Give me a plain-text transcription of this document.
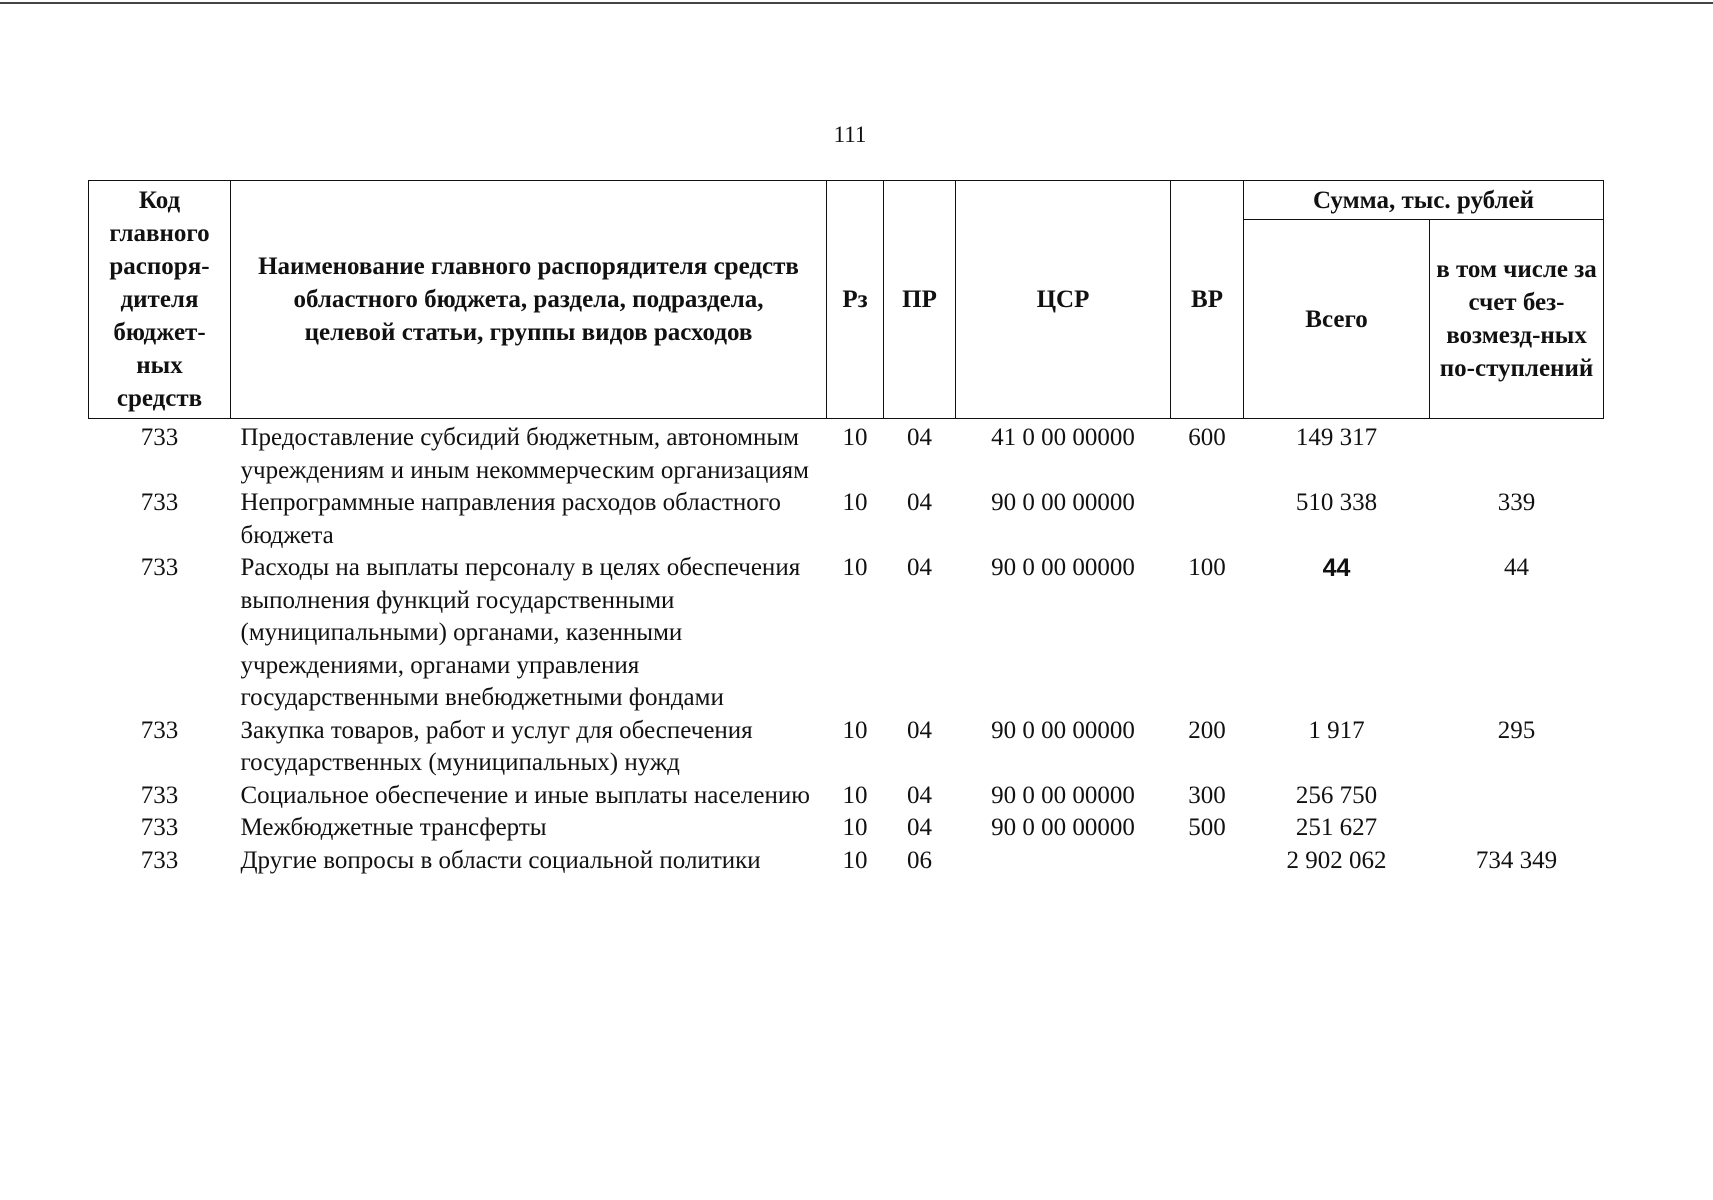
111
Код главного распоря-дителя бюджет-ных средств	Наименование главного распорядителя средств областного бюджета, раздела, подраздела, целевой статьи, группы видов расходов	Рз	ПР	ЦСР	ВР	Сумма, тыс. рублей	
						Всего	в том числе за счет без-возмезд-ных по-ступлений
733	Предоставление субсидий бюджетным, автономным учреждениям и иным некоммерческим организациям	10	04	41 0 00 00000	600	149 317	
733	Непрограммные направления расходов областного бюджета	10	04	90 0 00 00000		510 338	339
733	Расходы на выплаты персоналу в целях обеспечения выполнения функций государственными (муниципальными) органами, казенными учреждениями, органами управления государственными внебюджетными фондами	10	04	90 0 00 00000	100	44	44
733	Закупка товаров, работ и услуг для обеспечения государственных (муниципальных) нужд	10	04	90 0 00 00000	200	1 917	295
733	Социальное обеспечение и иные выплаты населению	10	04	90 0 00 00000	300	256 750	
733	Межбюджетные трансферты	10	04	90 0 00 00000	500	251 627	
733	Другие вопросы в области социальной политики	10	06			2 902 062	734 349
